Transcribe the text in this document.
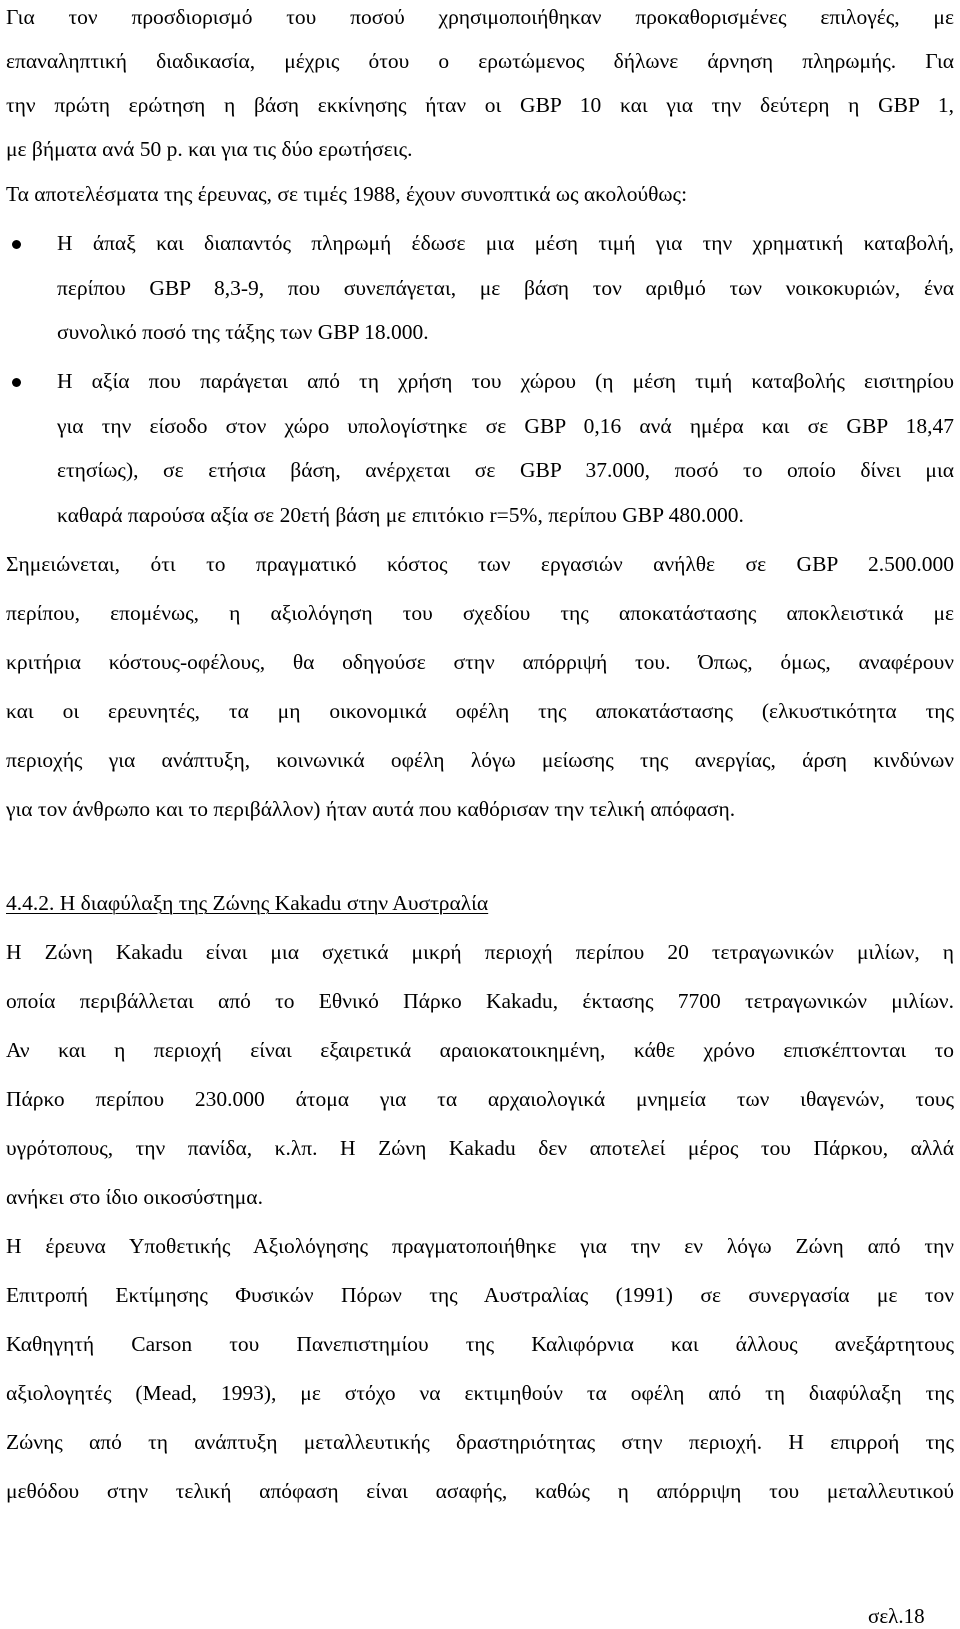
Για τον προσδιορισμό του ποσού χρησιμοποιήθηκαν προκαθορισμένες επιλογές, με
επαναληπτική διαδικασία, μέχρις ότου ο ερωτώμενος δήλωνε άρνηση πληρωμής. Για
την πρώτη ερώτηση η βάση εκκίνησης ήταν οι GBP 10 και για την δεύτερη η GBP 1,
με βήματα ανά 50 p. και για τις δύο ερωτήσεις.
Τα αποτελέσματα της έρευνας, σε τιμές 1988, έχουν συνοπτικά ως ακολούθως:
Η άπαξ και διαπαντός πληρωμή έδωσε μια μέση τιμή για την χρηματική καταβολή,
περίπου GBP 8,3-9, που συνεπάγεται, με βάση τον αριθμό των νοικοκυριών, ένα
συνολικό ποσό της τάξης των GBP 18.000.
Η αξία που παράγεται από τη χρήση του χώρου (η μέση τιμή καταβολής εισιτηρίου
για την είσοδο στον χώρο υπολογίστηκε σε GBP 0,16 ανά ημέρα και σε GBP 18,47
ετησίως), σε ετήσια βάση, ανέρχεται σε GBP 37.000, ποσό το οποίο δίνει μια
καθαρά παρούσα αξία σε 20ετή βάση με επιτόκιο r=5%, περίπου GBP 480.000.
Σημειώνεται, ότι το πραγματικό κόστος των εργασιών ανήλθε σε GBP 2.500.000
περίπου, επομένως, η αξιολόγηση του σχεδίου της αποκατάστασης αποκλειστικά με
κριτήρια κόστους-οφέλους, θα οδηγούσε στην απόρριψή του. Όπως, όμως, αναφέρουν
και οι ερευνητές, τα μη οικονομικά οφέλη της αποκατάστασης (ελκυστικότητα της
περιοχής για ανάπτυξη, κοινωνικά οφέλη λόγω μείωσης της ανεργίας, άρση κινδύνων
για τον άνθρωπο και το περιβάλλον) ήταν αυτά που καθόρισαν την τελική απόφαση.
4.4.2. Η διαφύλαξη της Ζώνης Kakadu στην Αυστραλία
Η Ζώνη Kakadu είναι μια σχετικά μικρή περιοχή περίπου 20 τετραγωνικών μιλίων, η
οποία περιβάλλεται από το Εθνικό Πάρκο Kakadu, έκτασης 7700 τετραγωνικών μιλίων.
Αν και η περιοχή είναι εξαιρετικά αραιοκατοικημένη, κάθε χρόνο επισκέπτονται το
Πάρκο περίπου 230.000 άτομα για τα αρχαιολογικά μνημεία των ιθαγενών, τους
υγρότοπους, την πανίδα, κ.λπ. Η Ζώνη Kakadu δεν αποτελεί μέρος του Πάρκου, αλλά
ανήκει στο ίδιο οικοσύστημα.
Η έρευνα Υποθετικής Αξιολόγησης πραγματοποιήθηκε για την εν λόγω Ζώνη από την
Επιτροπή Εκτίμησης Φυσικών Πόρων της Αυστραλίας (1991) σε συνεργασία με τον
Καθηγητή Carson του Πανεπιστημίου της Καλιφόρνια και άλλους ανεξάρτητους
αξιολογητές (Mead, 1993), με στόχο να εκτιμηθούν τα οφέλη από τη διαφύλαξη της
Ζώνης από τη ανάπτυξη μεταλλευτικής δραστηριότητας στην περιοχή. Η επιρροή της
μεθόδου στην τελική απόφαση είναι ασαφής, καθώς η απόρριψη του μεταλλευτικού
σελ.18
